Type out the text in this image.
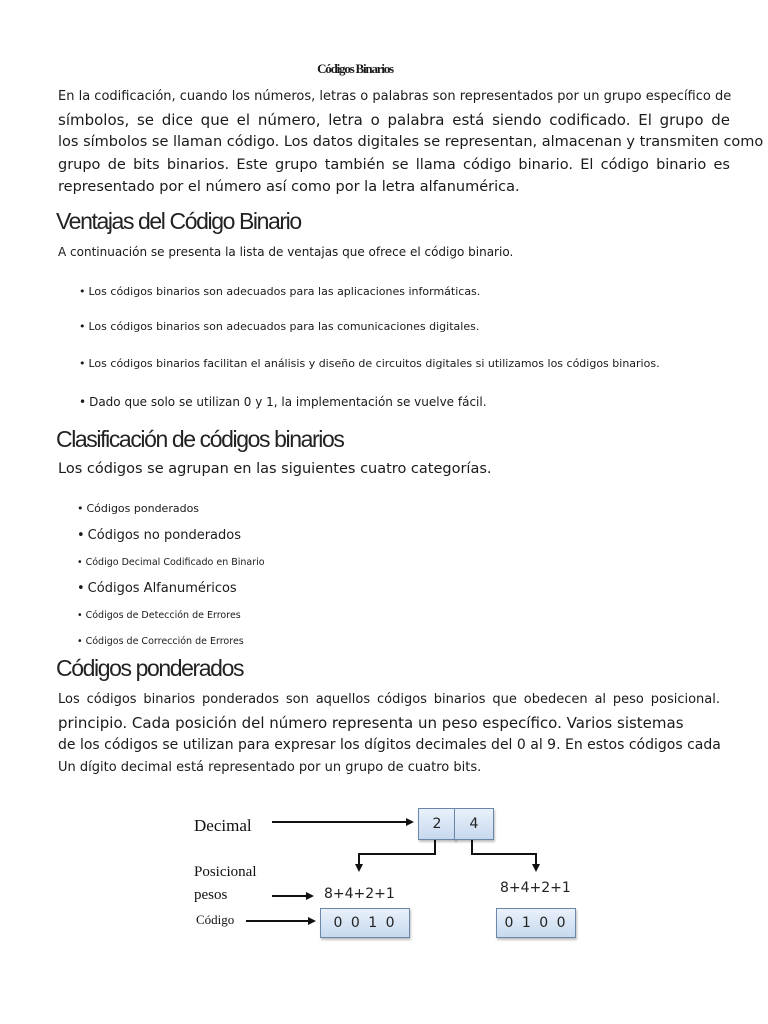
Códigos Binarios
En la codificación, cuando los números, letras o palabras son representados por un grupo específico de
símbolos, se dice que el número, letra o palabra está siendo codificado. El grupo de
los símbolos se llaman código. Los datos digitales se representan, almacenan y transmiten como
grupo de bits binarios. Este grupo también se llama código binario. El código binario es
representado por el número así como por la letra alfanumérica.
Ventajas del Código Binario
A continuación se presenta la lista de ventajas que ofrece el código binario.
• Los códigos binarios son adecuados para las aplicaciones informáticas.
• Los códigos binarios son adecuados para las comunicaciones digitales.
• Los códigos binarios facilitan el análisis y diseño de circuitos digitales si utilizamos los códigos binarios.
• Dado que solo se utilizan 0 y 1, la implementación se vuelve fácil.
Clasificación de códigos binarios
Los códigos se agrupan en las siguientes cuatro categorías.
• Códigos ponderados
• Códigos no ponderados
• Código Decimal Codificado en Binario
• Códigos Alfanuméricos
• Códigos de Detección de Errores
• Códigos de Corrección de Errores
Códigos ponderados
Los códigos binarios ponderados son aquellos códigos binarios que obedecen al peso posicional.
principio. Cada posición del número representa un peso específico. Varios sistemas
de los códigos se utilizan para expresar los dígitos decimales del 0 al 9. En estos códigos cada
Un dígito decimal está representado por un grupo de cuatro bits.
Decimal
Posicional
pesos
Código
2	4
8+4+2+1	8+4+2+1
0 0 1 0	0 1 0 0
